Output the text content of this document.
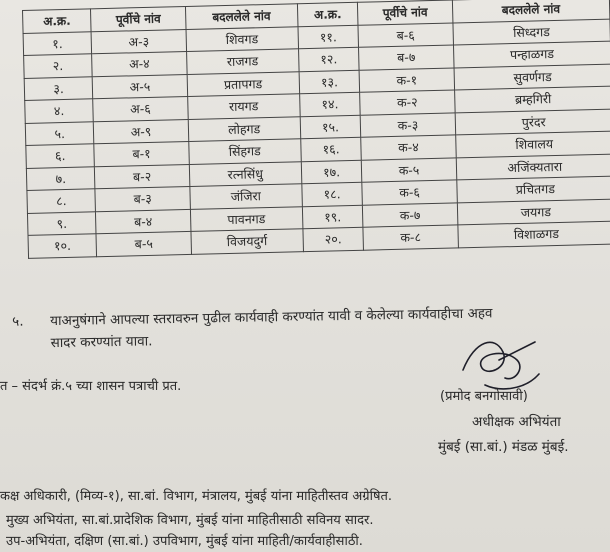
अ.क्र.	पूर्वीचे नांव	बदललेले नांव	अ.क्र.	पूर्वीचे नांव	बदललेले नांव
१.	अ-३	शिवगड	११.	ब-६	सिध्दगड
२.	अ-४	राजगड	१२.	ब-७	पन्हाळगड
३.	अ-५	प्रतापगड	१३.	क-१	सुवर्णगड
४.	अ-६	रायगड	१४.	क-२	ब्रम्हगिरी
५.	अ-९	लोहगड	१५.	क-३	पुरंदर
६.	ब-१	सिंहगड	१६.	क-४	शिवालय
७.	ब-२	रत्नसिंधु	१७.	क-५	अजिंक्यतारा
८.	ब-३	जंजिरा	१८.	क-६	प्रचितगड
९.	ब-४	पावनगड	१९.	क-७	जयगड
१०.	ब-५	विजयदुर्ग	२०.	क-८	विशाळगड
५. याअनुषंगाने आपल्या स्तरावरुन पुढील कार्यवाही करण्यांत यावी व केलेल्या कार्यवाहीचा अहव
सादर करण्यांत यावा.
त – संदर्भ क्रं.५ च्या शासन पत्राची प्रत.
(प्रमोद बनगोसावी)
अधीक्षक अभियंता
मुंबई (सा.बां.) मंडळ मुंबई.
कक्ष अधिकारी, (मिव्य-१), सा.बां. विभाग, मंत्रालय, मुंबई यांना माहितीस्तव अग्रेषित.
मुख्य अभियंता, सा.बां.प्रादेशिक विभाग, मुंबई यांना माहितीसाठी सविनय सादर.
उप-अभियंता, दक्षिण (सा.बां.) उपविभाग, मुंबई यांना माहिती/कार्यवाहीसाठी.
